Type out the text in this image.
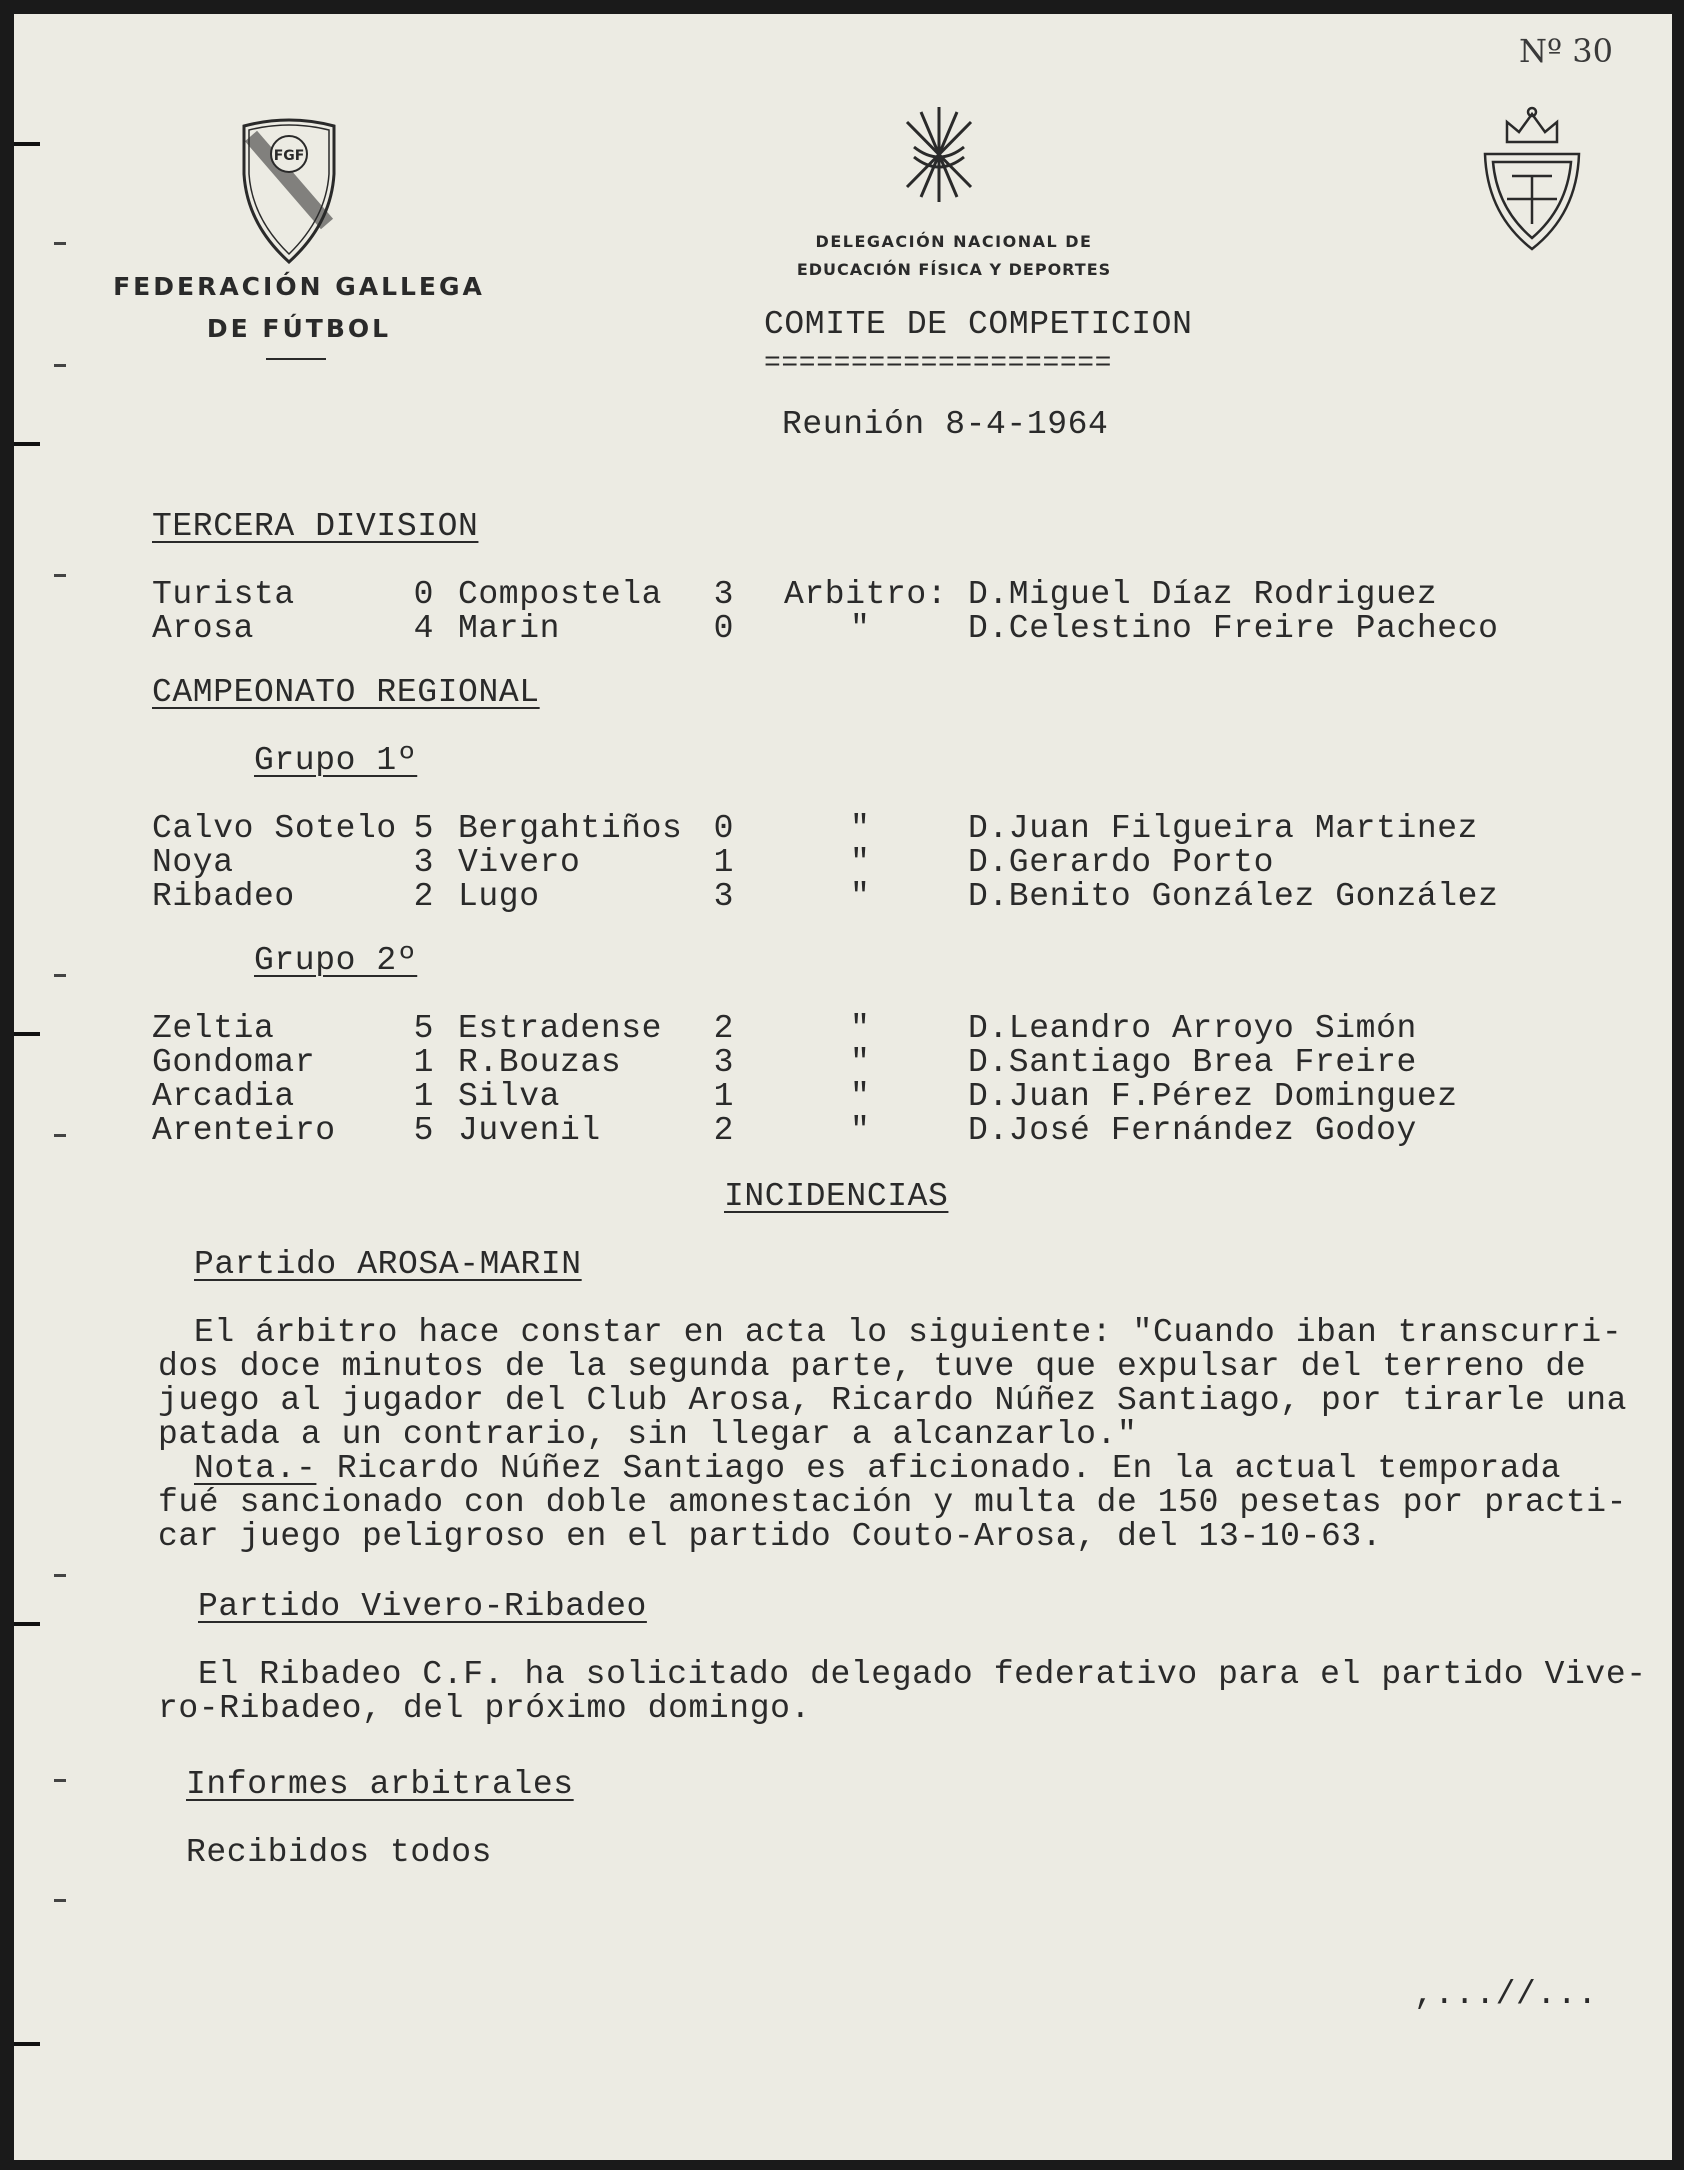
Nº 30
FGF
FEDERACIÓN GALLEGA
DE FÚTBOL
DELEGACIÓN NACIONAL DE
EDUCACIÓN FÍSICA Y DEPORTES
COMITE DE COMPETICION
====================
Reunión 8-4-1964
TERCERA DIVISION
Turista	0 Compostela	3 Arbitro: D.Miguel Díaz Rodriguez
Arosa	4 Marin	0	"	D.Celestino Freire Pacheco
CAMPEONATO REGIONAL
Grupo 1º
Calvo Sotelo 5 Bergahtiños 0	"	D.Juan Filgueira Martinez
Noya	3 Vivero	1	"	D.Gerardo Porto
Ribadeo	2 Lugo	3	"	D.Benito González González
Grupo 2º
Zeltia	5 Estradense	2	"	D.Leandro Arroyo Simón
Gondomar	1 R.Bouzas	3	"	D.Santiago Brea Freire
Arcadia	1 Silva	1	"	D.Juan F.Pérez Dominguez
Arenteiro	5 Juvenil	2	"	D.José Fernández Godoy
INCIDENCIAS
Partido AROSA-MARIN
El árbitro hace constar en acta lo siguiente: "Cuando iban transcurri-
dos doce minutos de la segunda parte, tuve que expulsar del terreno de
juego al jugador del Club Arosa, Ricardo Núñez Santiago, por tirarle una
patada a un contrario, sin llegar a alcanzarlo."
Nota.- Ricardo Núñez Santiago es aficionado. En la actual temporada
fué sancionado con doble amonestación y multa de 150 pesetas por practi-
car juego peligroso en el partido Couto-Arosa, del 13-10-63.
Partido Vivero-Ribadeo
El Ribadeo C.F. ha solicitado delegado federativo para el partido Vive-
ro-Ribadeo, del próximo domingo.
Informes arbitrales
Recibidos todos
,...//...
